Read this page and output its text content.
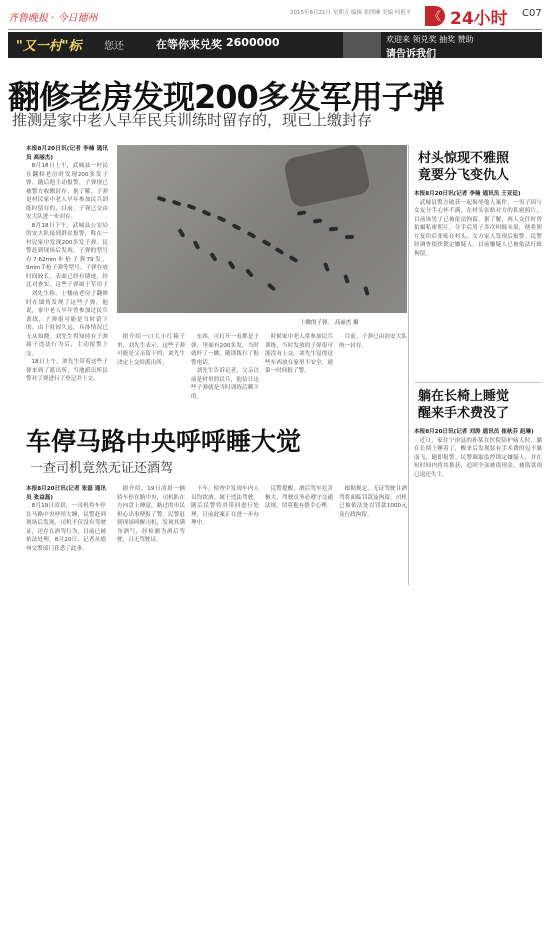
齐鲁晚报 · 今日德州	2015年8月21日 星期五 编辑 张晓琳 美编 何艳平	《 24小时 C07
"又一村"标 您还	在等你来兑奖 2600000	欢迎来 领兑奖 抽奖 赞助
请告诉我们
翻修老房发现200多发军用子弹
推测是家中老人早年民兵训练时留存的，现已上缴封存
本报8月20日讯(记者 李楠 通讯员 高丽杰)

8月18日上午，武城县一村民在翻修老房时发现200多发子弹，随后他主动报警，子弹现已被警方收缴封存。据了解，子弹是村民家中老人早年参加民兵训练时留存的，目前，子弹已交由安大队进一步封存。

8月18日下午，武城县公安局的安大队接到群众报警，称在一村民家中发现200多发子弹。民警赶到现场后发现，子弹的型号有7.62mm步枪子弹79发，9mm手枪子弹等型号。子弹存放时间较长，表面已经有锈迹，经比对查实，这些子弹属于军用子

刘先生称，上楼前老房子翻修时在墙角发现了这些子弹，他说，家中老人早年曾参加过民兵训练，子弹很可能是当时留下的。由于时间久远，具体情况已无从知晓。刘先生得知持有子弹属于违法行为后，主动报警上交。

18日上午，刘先生带着这些子弹来到了派出所，当地派出所民警对子弹进行了登记并上交。

上缴的子弹。 高丽杰 摄

据介绍一口大小红箱子里，刘先生表示，这些子弹可能是父亲留下的，刘先生决定上交给派出所。

东西，可打开一看都是子弹，里面有200多发，当时就吓了一跳，随即拨打了报警电话。

刘先生告诉记者，父亲以前是村里的民兵，他估计这些子弹就是当时训练后剩下的。

时候家中老人常参加民兵训练，当时发放的子弹很可能没有上交。刘先生觉得这些东西放在家里不安全，就第一时间报了警。

目前，子弹已由治安大队统一封存。

车停马路中央呼呼睡大觉
一查司机竟然无证还酒驾
本报8月20日讯(记者 张磊 通讯员 张益磊)

8月19日凌晨，一司机将车停在马路中央呼呼大睡，民警赶到现场后发现，司机不仅没有驾驶证，还存在酒驾行为，目前已被依法处理。8月20日，记者从德州交警部门获悉了此事。

据介绍，19日凌晨一辆轿车停在路中央，司机趴在方向盘上睡觉，路过的市民担心出事便报了警。民警赶到现场叫醒司机，发现其满身酒气，经检测为酒后驾驶，且无驾驶证。

下车，检查中发现车内人员均饮酒，属于违法驾驶，随后民警将其带回进行处理，目前此案正在进一步办理中。

民警提醒，酒后驾车危害极大，驾驶员务必遵守交通法规，切莫抱有侥幸心理。

根据规定，无证驾驶且酒驾将面临罚款及拘留，司机已被依法处以罚款1000元及行政拘留。

村头惊现不雅照
竟要分飞变仇人
本报8月20日讯(记者 李楠 通讯员 王亚廷)

武城县警方破获一起侮辱他人案件，一男子因与女友分手心怀不满，在村头张贴对方的私密照片，目前该男子已被依法拘留。据了解，两人交往时曾拍摄私密照片，分手后男子多次纠缠未果，便将照片复印后张贴在村头，女方家人发现后报警。民警经调查很快锁定嫌疑人，目前嫌疑人已被依法行政拘留。

躺在长椅上睡觉
醒来手术费没了
本报8月20日讯(记者 刘涛 通讯员 崔秋芬 赵琳)

近日，家住宁津县的孙某在医院陪护病人时，躺在长椅上睡着了，醒来后发现装有手术费的包不翼而飞，随即报警。民警调取监控锁定嫌疑人，并在短时间内将其抓获，追回全部被盗现金，被盗款项已退还失主。
